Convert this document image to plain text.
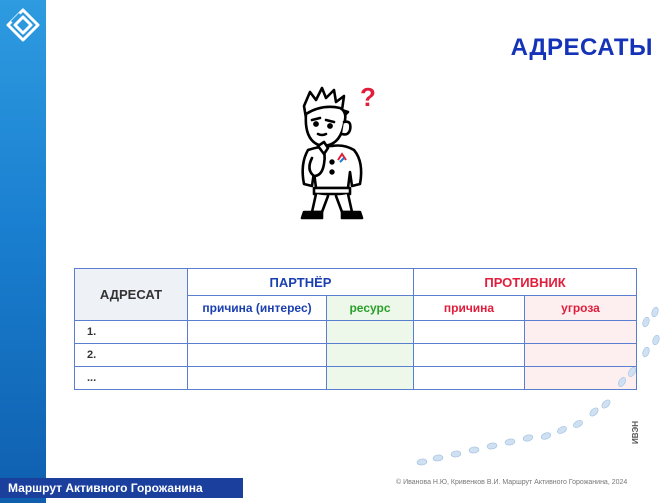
АДРЕСАТЫ
?
АДРЕСАТ	ПАРТНЁР		ПРОТИВНИК	
	причина (интерес)	ресурс	причина	угроза
1.				
2.				
...				
ИВЭН
Маршрут Активного Горожанина	© Иванова Н.Ю, Кривенков В.И. Маршрут Активного Горожанина, 2024
